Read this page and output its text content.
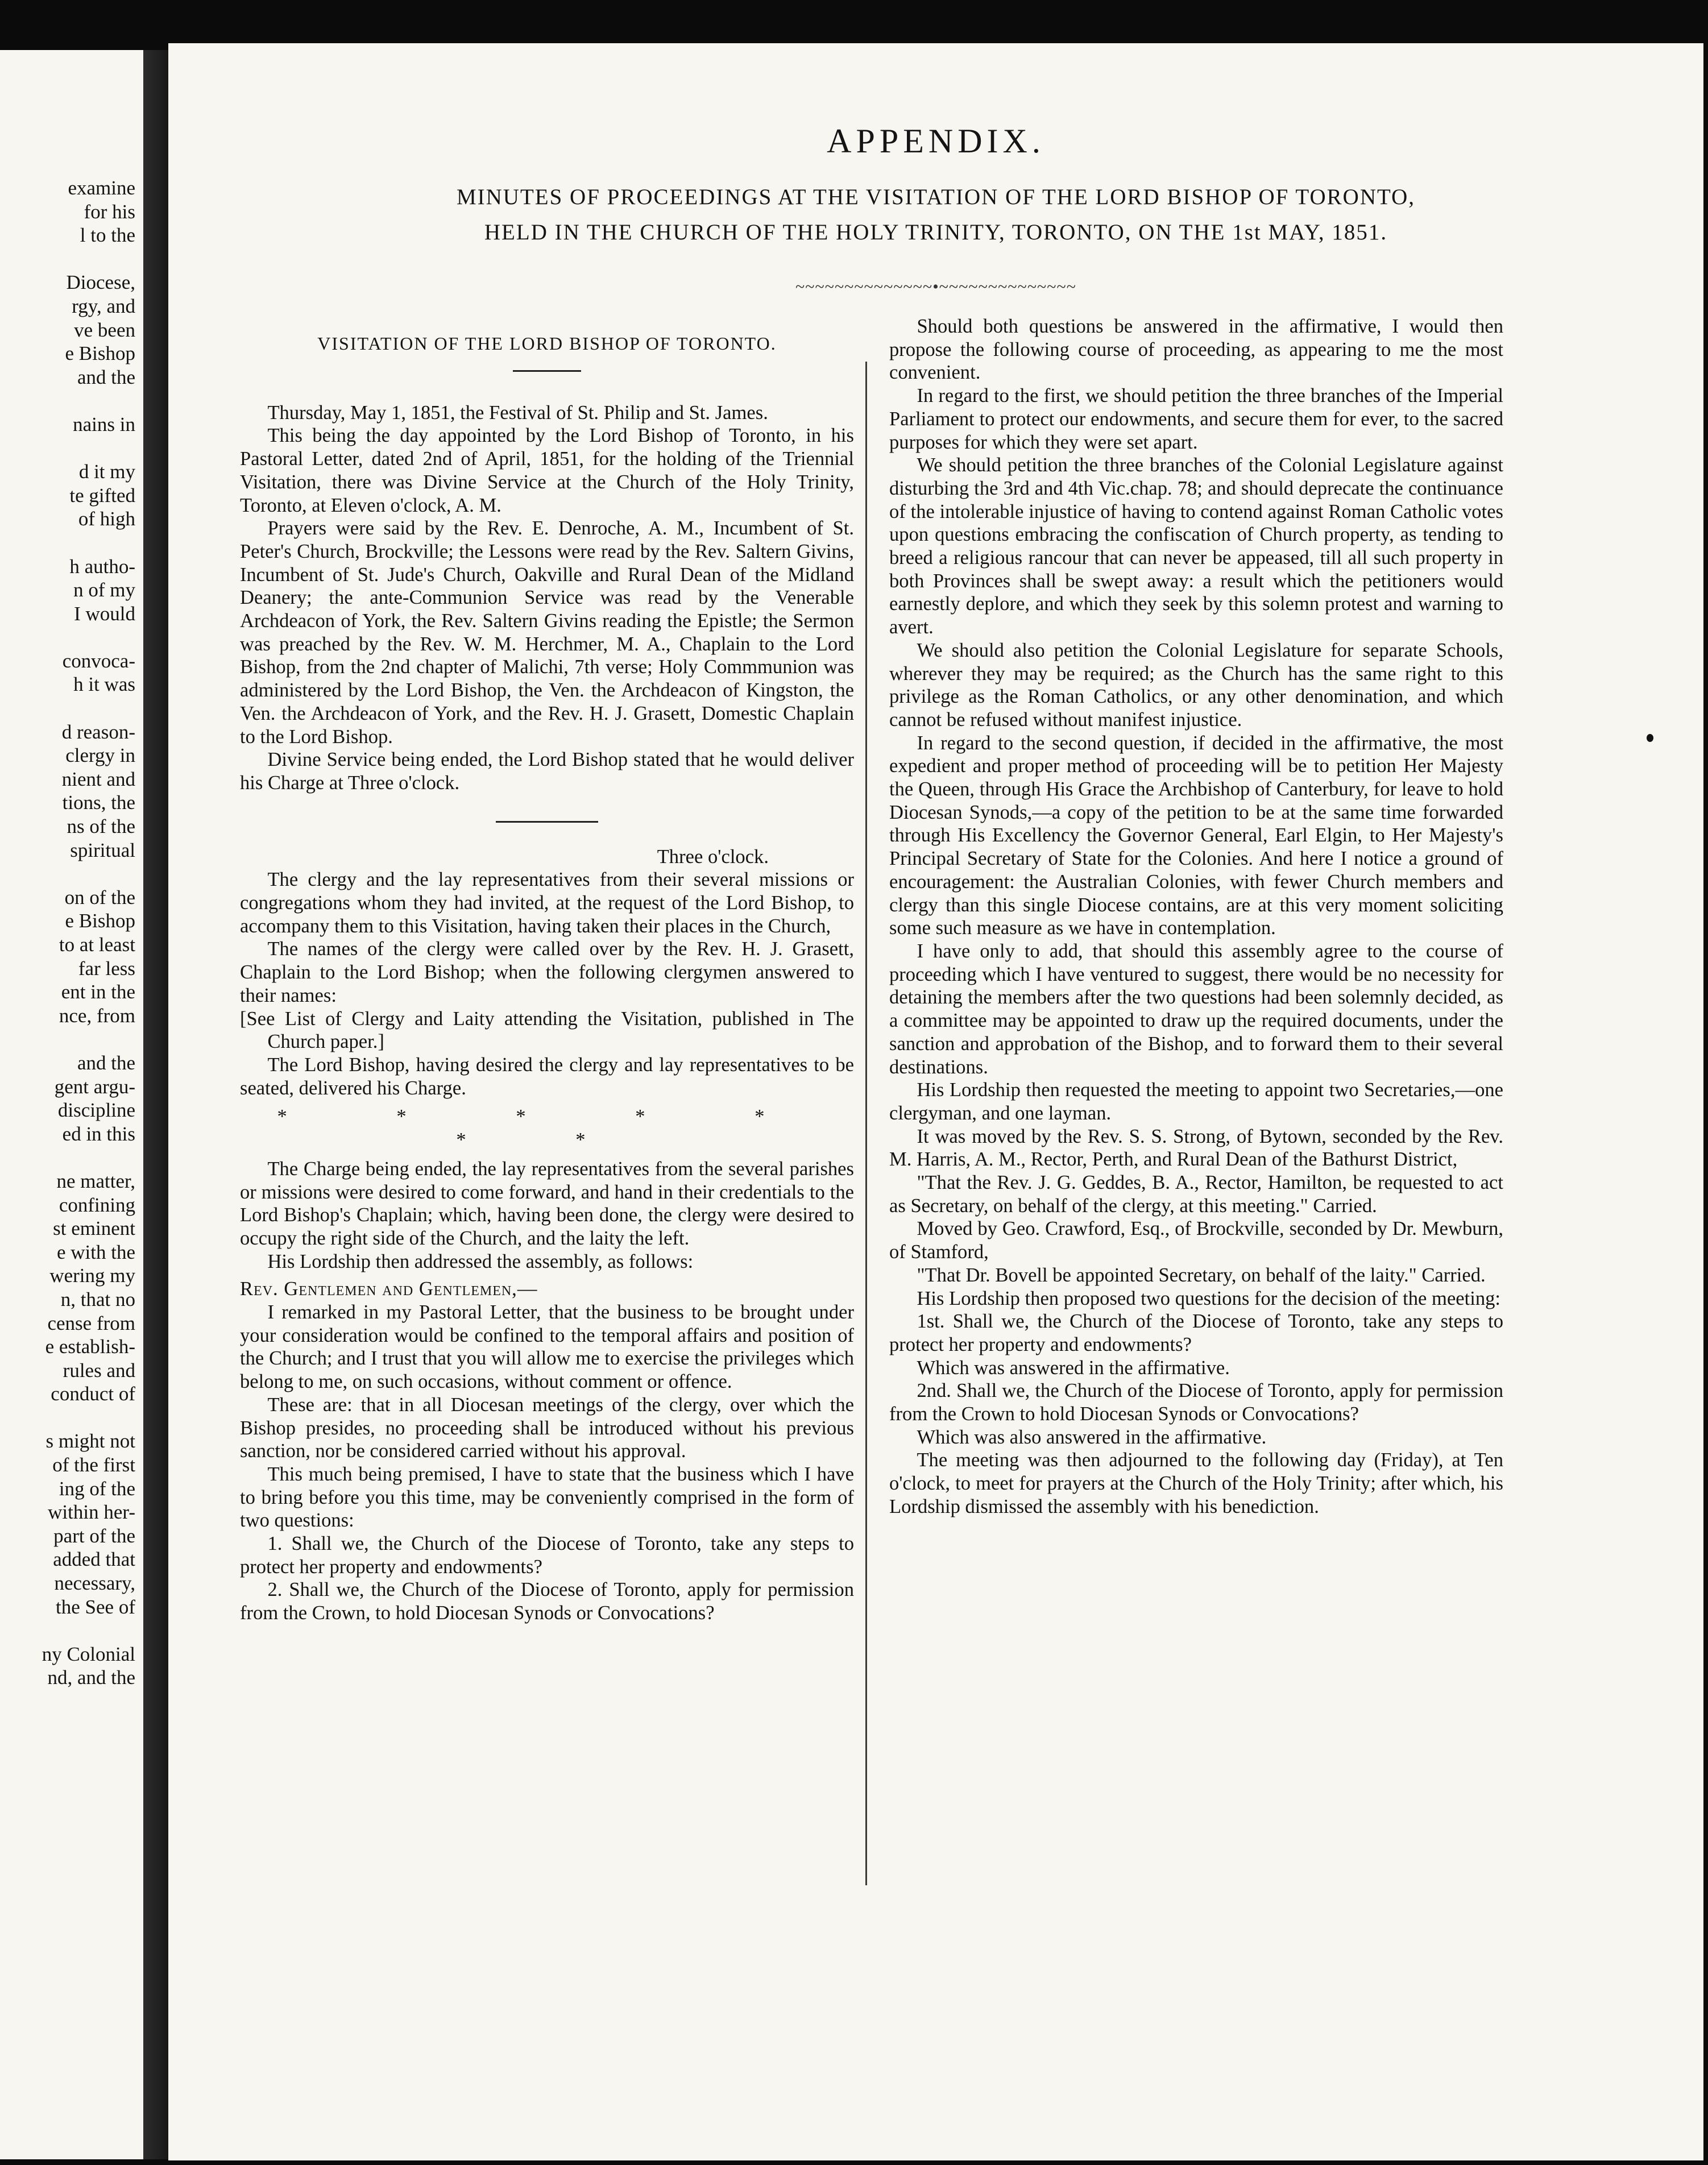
examine
for his
l to the
Diocese,
rgy, and
ve been
e Bishop
and the
nains in
d it my
te gifted
of high
h autho-
n of my
I would
convoca-
h it was
d reason-
clergy in
nient and
tions, the
ns of the
spiritual
on of the
e Bishop
to at least
far less
ent in the
nce, from
and the
gent argu-
discipline
ed in this
ne matter,
confining
st eminent
e with the
wering my
n, that no
cense from
e establish-
rules and
conduct of
s might not
of the first
ing of the
within her-
part of the
added that
necessary,
the See of
ny Colonial
nd, and the
APPENDIX.
MINUTES OF PROCEEDINGS AT THE VISITATION OF THE LORD BISHOP OF TORONTO,
HELD IN THE CHURCH OF THE HOLY TRINITY, TORONTO, ON THE 1st MAY, 1851.
~~~~~~~~~~~~~~•~~~~~~~~~~~~~~
VISITATION OF THE LORD BISHOP OF TORONTO.

Thursday, May 1, 1851, the Festival of St. Philip and St. James.

This being the day appointed by the Lord Bishop of Toronto, in his Pastoral Letter, dated 2nd of April, 1851, for the holding of the Triennial Visitation, there was Divine Service at the Church of the Holy Trinity, Toronto, at Eleven o'clock, A. M.

Prayers were said by the Rev. E. Denroche, A. M., Incumbent of St. Peter's Church, Brockville; the Lessons were read by the Rev. Saltern Givins, Incumbent of St. Jude's Church, Oakville and Rural Dean of the Midland Deanery; the ante-Communion Service was read by the Venerable Archdeacon of York, the Rev. Saltern Givins reading the Epistle; the Sermon was preached by the Rev. W. M. Herchmer, M. A., Chaplain to the Lord Bishop, from the 2nd chapter of Malichi, 7th verse; Holy Commmunion was administered by the Lord Bishop, the Ven. the Archdeacon of Kingston, the Ven. the Archdeacon of York, and the Rev. H. J. Grasett, Domestic Chaplain to the Lord Bishop.

Divine Service being ended, the Lord Bishop stated that he would deliver his Charge at Three o'clock.

Three o'clock.

The clergy and the lay representatives from their several missions or congregations whom they had invited, at the request of the Lord Bishop, to accompany them to this Visitation, having taken their places in the Church,

The names of the clergy were called over by the Rev. H. J. Grasett, Chaplain to the Lord Bishop; when the following clergymen answered to their names:

[See List of Clergy and Laity attending the Visitation, published in The Church paper.]

The Lord Bishop, having desired the clergy and lay representatives to be seated, delivered his Charge.

* * * * * * *

The Charge being ended, the lay representatives from the several parishes or missions were desired to come forward, and hand in their credentials to the Lord Bishop's Chaplain; which, having been done, the clergy were desired to occupy the right side of the Church, and the laity the left.

His Lordship then addressed the assembly, as follows:

Rev. Gentlemen and Gentlemen,—

I remarked in my Pastoral Letter, that the business to be brought under your consideration would be confined to the temporal affairs and position of the Church; and I trust that you will allow me to exercise the privileges which belong to me, on such occasions, without comment or offence.

These are: that in all Diocesan meetings of the clergy, over which the Bishop presides, no proceeding shall be introduced without his previous sanction, nor be considered carried without his approval.

This much being premised, I have to state that the business which I have to bring before you this time, may be conveniently comprised in the form of two questions:

1. Shall we, the Church of the Diocese of Toronto, take any steps to protect her property and endowments?

2. Shall we, the Church of the Diocese of Toronto, apply for permission from the Crown, to hold Diocesan Synods or Convocations?

Should both questions be answered in the affirmative, I would then propose the following course of proceeding, as appearing to me the most convenient.

In regard to the first, we should petition the three branches of the Imperial Parliament to protect our endowments, and secure them for ever, to the sacred purposes for which they were set apart.

We should petition the three branches of the Colonial Legislature against disturbing the 3rd and 4th Vic.chap. 78; and should deprecate the continuance of the intolerable injustice of having to contend against Roman Catholic votes upon questions embracing the confiscation of Church property, as tending to breed a religious rancour that can never be appeased, till all such property in both Provinces shall be swept away: a result which the petitioners would earnestly deplore, and which they seek by this solemn protest and warning to avert.

We should also petition the Colonial Legislature for separate Schools, wherever they may be required; as the Church has the same right to this privilege as the Roman Catholics, or any other denomination, and which cannot be refused without manifest injustice.

In regard to the second question, if decided in the affirmative, the most expedient and proper method of proceeding will be to petition Her Majesty the Queen, through His Grace the Archbishop of Canterbury, for leave to hold Diocesan Synods,—a copy of the petition to be at the same time forwarded through His Excellency the Governor General, Earl Elgin, to Her Majesty's Principal Secretary of State for the Colonies. And here I notice a ground of encouragement: the Australian Colonies, with fewer Church members and clergy than this single Diocese contains, are at this very moment soliciting some such measure as we have in contemplation.

I have only to add, that should this assembly agree to the course of proceeding which I have ventured to suggest, there would be no necessity for detaining the members after the two questions had been solemnly decided, as a committee may be appointed to draw up the required documents, under the sanction and approbation of the Bishop, and to forward them to their several destinations.

His Lordship then requested the meeting to appoint two Secretaries,—one clergyman, and one layman.

It was moved by the Rev. S. S. Strong, of Bytown, seconded by the Rev. M. Harris, A. M., Rector, Perth, and Rural Dean of the Bathurst District,

"That the Rev. J. G. Geddes, B. A., Rector, Hamilton, be requested to act as Secretary, on behalf of the clergy, at this meeting." Carried.

Moved by Geo. Crawford, Esq., of Brockville, seconded by Dr. Mewburn, of Stamford,

"That Dr. Bovell be appointed Secretary, on behalf of the laity." Carried.

His Lordship then proposed two questions for the decision of the meeting:

1st. Shall we, the Church of the Diocese of Toronto, take any steps to protect her property and endowments?

Which was answered in the affirmative.

2nd. Shall we, the Church of the Diocese of Toronto, apply for permission from the Crown to hold Diocesan Synods or Convocations?

Which was also answered in the affirmative.

The meeting was then adjourned to the following day (Friday), at Ten o'clock, to meet for prayers at the Church of the Holy Trinity; after which, his Lordship dismissed the assembly with his benediction.
